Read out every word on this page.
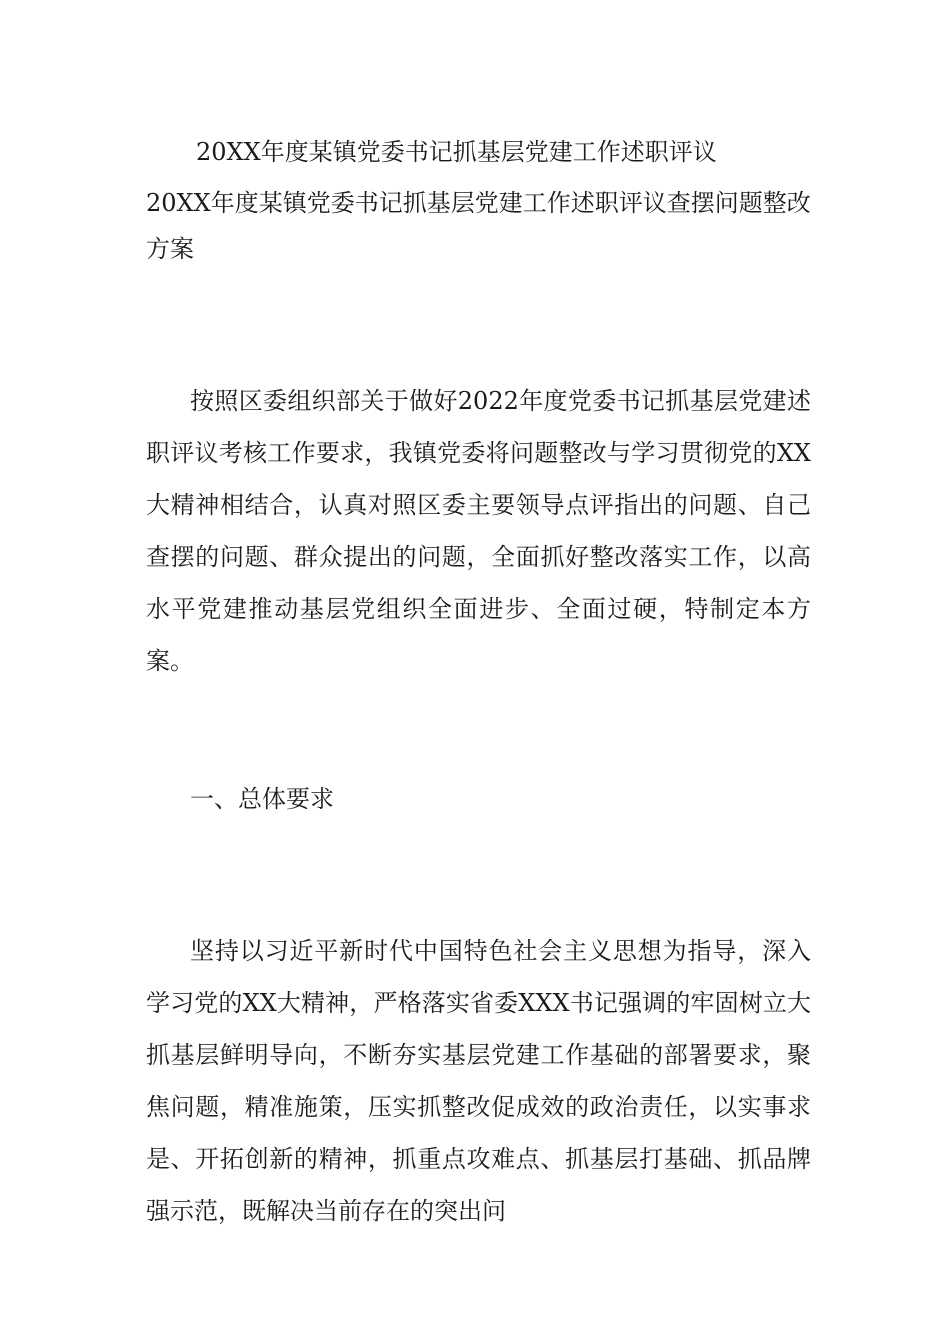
20XX年度某镇党委书记抓基层党建工作述职评议
20XX年度某镇党委书记抓基层党建工作述职评议查摆问题整改方案
按照区委组织部关于做好2022年度党委书记抓基层党建述职评议考核工作要求，我镇党委将问题整改与学习贯彻党的XX大精神相结合，认真对照区委主要领导点评指出的问题、自己查摆的问题、群众提出的问题，全面抓好整改落实工作，以高水平党建推动基层党组织全面进步、全面过硬，特制定本方案。
一、总体要求
坚持以习近平新时代中国特色社会主义思想为指导，深入学习党的XX大精神，严格落实省委XXX书记强调的牢固树立大抓基层鲜明导向，不断夯实基层党建工作基础的部署要求，聚焦问题，精准施策，压实抓整改促成效的政治责任，以实事求是、开拓创新的精神，抓重点攻难点、抓基层打基础、抓品牌强示范，既解决当前存在的突出问
